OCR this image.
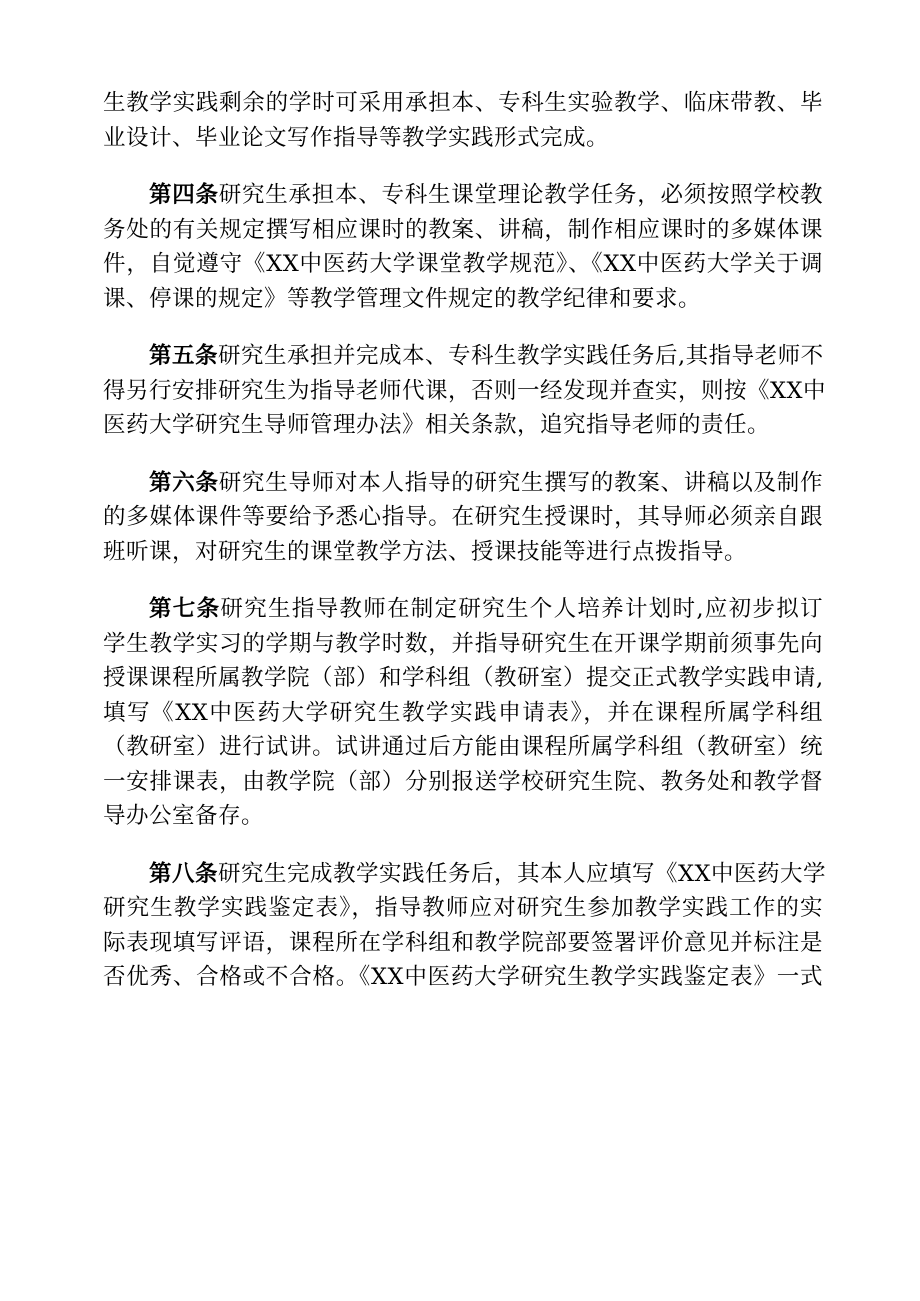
生教学实践剩余的学时可采用承担本、专科生实验教学、临床带教、毕
业设计、毕业论文写作指导等教学实践形式完成。
第四条研究生承担本、专科生课堂理论教学任务，必须按照学校教
务处的有关规定撰写相应课时的教案、讲稿，制作相应课时的多媒体课
件，自觉遵守《XX中医药大学课堂教学规范》、《XX中医药大学关于调
课、停课的规定》等教学管理文件规定的教学纪律和要求。
第五条研究生承担并完成本、专科生教学实践任务后,其指导老师不
得另行安排研究生为指导老师代课，否则一经发现并查实，则按《XX中
医药大学研究生导师管理办法》相关条款，追究指导老师的责任。
第六条研究生导师对本人指导的研究生撰写的教案、讲稿以及制作
的多媒体课件等要给予悉心指导。在研究生授课时，其导师必须亲自跟
班听课，对研究生的课堂教学方法、授课技能等进行点拨指导。
第七条研究生指导教师在制定研究生个人培养计划时,应初步拟订
学生教学实习的学期与教学时数，并指导研究生在开课学期前须事先向
授课课程所属教学院（部）和学科组（教研室）提交正式教学实践申请,
填写《XX中医药大学研究生教学实践申请表》，并在课程所属学科组
（教研室）进行试讲。试讲通过后方能由课程所属学科组（教研室）统
一安排课表，由教学院（部）分别报送学校研究生院、教务处和教学督
导办公室备存。
第八条研究生完成教学实践任务后，其本人应填写《XX中医药大学
研究生教学实践鉴定表》，指导教师应对研究生参加教学实践工作的实
际表现填写评语，课程所在学科组和教学院部要签署评价意见并标注是
否优秀、合格或不合格。《XX中医药大学研究生教学实践鉴定表》一式
